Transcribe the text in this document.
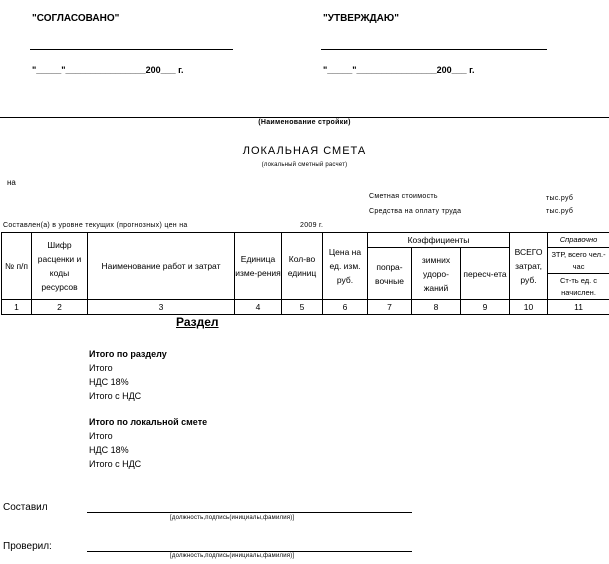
"СОГЛАСОВАНО"	"УТВЕРЖДАЮ"
"_____"________________200___ г.	"_____"________________200___ г.
(Наименование стройки)
ЛОКАЛЬНАЯ СМЕТА
(локальный сметный расчет)
на
Сметная стоимость	тыс.руб
Средства на оплату труда	тыс.руб
Составлен(а) в уровне текущих (прогнозных) цен на	2009 г.
№ п/п	Шифр расценки и коды ресурсов	Наименование работ и затрат	Единица изме-рения	Кол-во единиц	Цена на ед. изм. руб.	Коэффициенты			ВСЕГО затрат, руб.	Справочно
						попра-вочные	зимних удоро-жаний	пересч-ета		ЗТР, всего чел.-час
										Ст-ть ед. с начислен.
1	2	3	4	5	6	7	8	9	10	11
Раздел
Итого по разделу
Итого
НДС 18%
Итого с НДС
Итого по локальной смете
Итого
НДС 18%
Итого с НДС
Составил
[должность,подпись(инициалы,фамилия)]
Проверил:
[должность,подпись(инициалы,фамилия)]
